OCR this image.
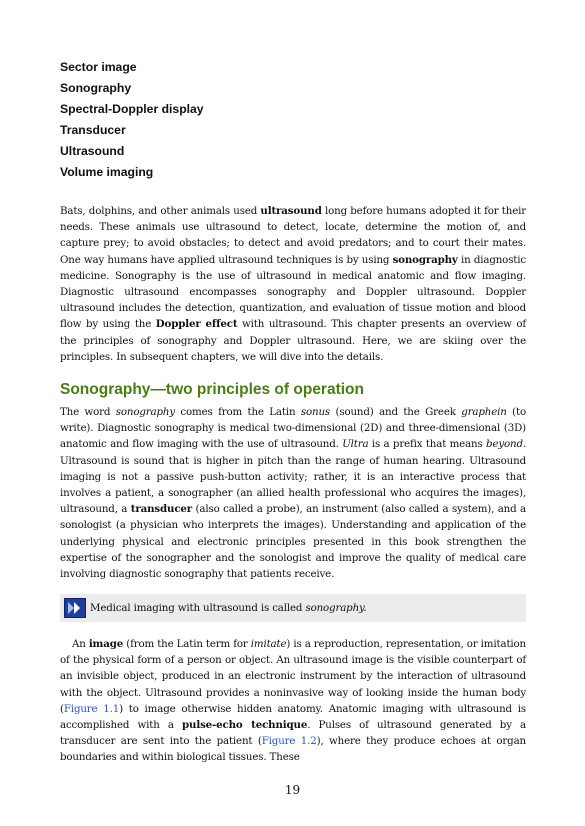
Sector image
Sonography
Spectral-Doppler display
Transducer
Ultrasound
Volume imaging

Bats, dolphins, and other animals used ultrasound long before humans adopted it for their needs. These animals use ultrasound to detect, locate, determine the motion of, and capture prey; to avoid obstacles; to detect and avoid predators; and to court their mates. One way humans have applied ultrasound techniques is by using sonography in diagnostic medicine. Sonography is the use of ultrasound in medical anatomic and flow imaging. Diagnostic ultrasound encompasses sonography and Doppler ultrasound. Doppler ultrasound includes the detection, quantization, and evaluation of tissue motion and blood flow by using the Doppler effect with ultrasound. This chapter presents an overview of the principles of sonography and Doppler ultrasound. Here, we are skiing over the principles. In subsequent chapters, we will dive into the details.

Sonography—two principles of operation

The word sonography comes from the Latin sonus (sound) and the Greek graphein (to write). Diagnostic sonography is medical two-dimensional (2D) and three-dimensional (3D) anatomic and flow imaging with the use of ultrasound. Ultra is a prefix that means beyond. Ultrasound is sound that is higher in pitch than the range of human hearing. Ultrasound imaging is not a passive push-button activity; rather, it is an interactive process that involves a patient, a sonographer (an allied health professional who acquires the images), ultrasound, a transducer (also called a probe), an instrument (also called a system), and a sonologist (a physician who interprets the images). Understanding and application of the underlying physical and electronic principles presented in this book strengthen the expertise of the sonographer and the sonologist and improve the quality of medical care involving diagnostic sonography that patients receive.

Medical imaging with ultrasound is called sonography.

An image (from the Latin term for imitate) is a reproduction, representation, or imitation of the physical form of a person or object. An ultrasound image is the visible counterpart of an invisible object, produced in an electronic instrument by the interaction of ultrasound with the object. Ultrasound provides a noninvasive way of looking inside the human body (Figure 1.1) to image otherwise hidden anatomy. Anatomic imaging with ultrasound is accomplished with a pulse-echo technique. Pulses of ultrasound generated by a transducer are sent into the patient (Figure 1.2), where they produce echoes at organ boundaries and within biological tissues. These

19
